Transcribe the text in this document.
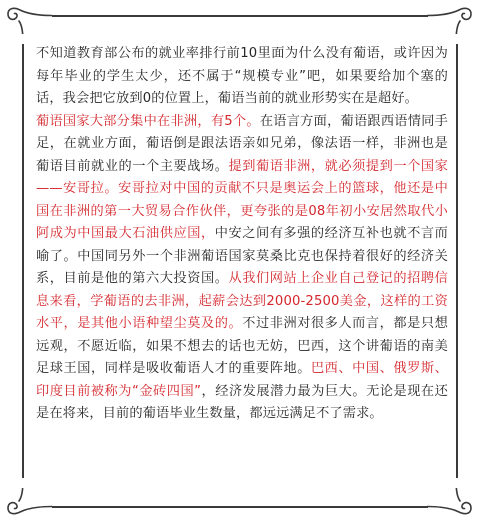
不知道教育部公布的就业率排行前10里面为什么没有葡语，或许因为每年毕业的学生太少，还不属于“规模专业”吧，如果要给加个塞的话，我会把它放到0的位置上，葡语当前的就业形势实在是超好。

葡语国家大部分集中在非洲，有5个。在语言方面，葡语跟西语情同手足，在就业方面，葡语倒是跟法语亲如兄弟，像法语一样，非洲也是葡语目前就业的一个主要战场。提到葡语非洲，就必须提到一个国家——安哥拉。安哥拉对中国的贡献不只是奥运会上的篮球，他还是中国在非洲的第一大贸易合作伙伴，更夸张的是08年初小安居然取代小阿成为中国最大石油供应国，中安之间有多强的经济互补也就不言而喻了。中国同另外一个非洲葡语国家莫桑比克也保持着很好的经济关系，目前是他的第六大投资国。从我们网站上企业自己登记的招聘信息来看，学葡语的去非洲，起薪会达到2000-2500美金，这样的工资水平，是其他小语种望尘莫及的。不过非洲对很多人而言，都是只想远观，不愿近临，如果不想去的话也无妨，巴西，这个讲葡语的南美足球王国，同样是吸收葡语人才的重要阵地。巴西、中国、俄罗斯、印度目前被称为“金砖四国”，经济发展潜力最为巨大。无论是现在还是在将来，目前的葡语毕业生数量，都远远满足不了需求。
